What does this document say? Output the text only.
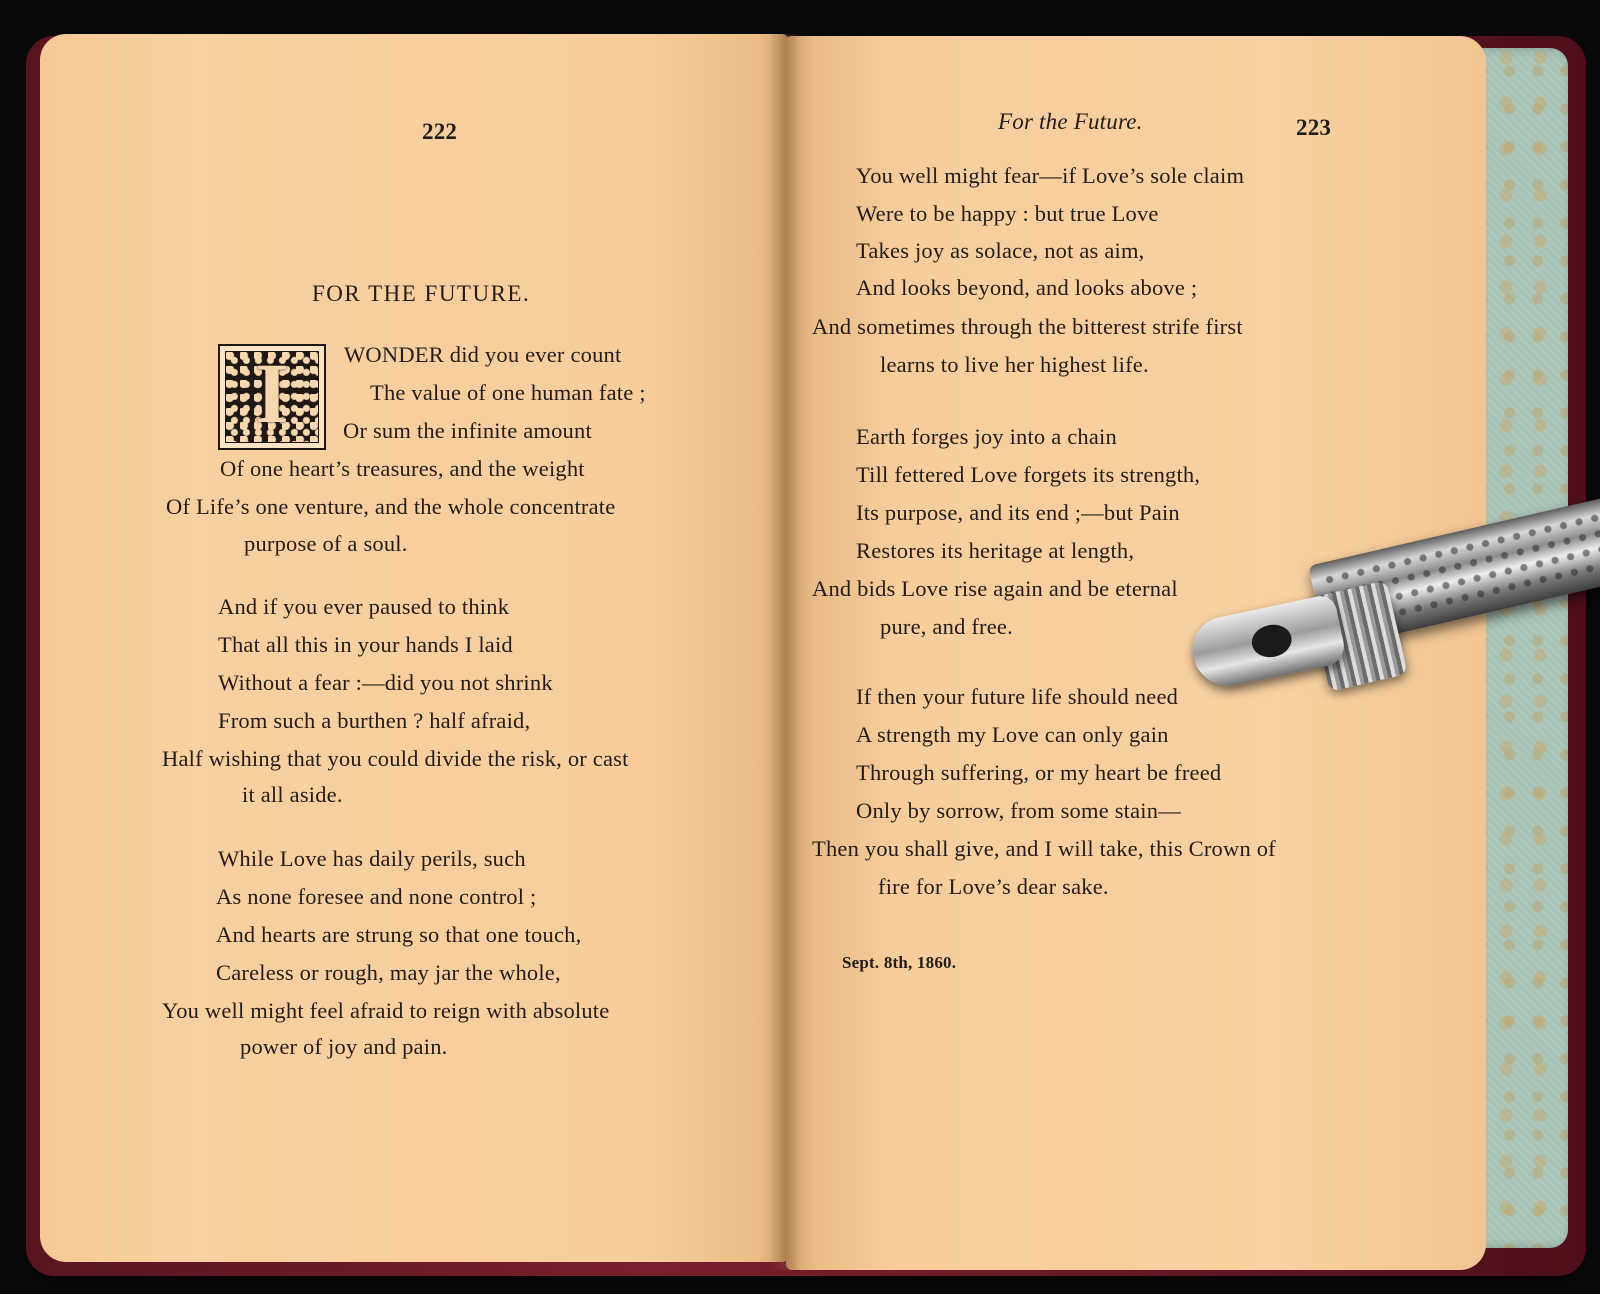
222
FOR THE FUTURE.
I	WONDER did you ever count
The value of one human fate ;
Or sum the infinite amount
Of one heart’s treasures, and the weight
Of Life’s one venture, and the whole concentrate
purpose of a soul.
And if you ever paused to think
That all this in your hands I laid
Without a fear :—did you not shrink
From such a burthen ? half afraid,
Half wishing that you could divide the risk, or cast
it all aside.
While Love has daily perils, such
As none foresee and none control ;
And hearts are strung so that one touch,
Careless or rough, may jar the whole,
You well might feel afraid to reign with absolute
power of joy and pain.
For the Future.	223
You well might fear—if Love’s sole claim
Were to be happy : but true Love
Takes joy as solace, not as aim,
And looks beyond, and looks above ;
And sometimes through the bitterest strife first
learns to live her highest life.
Earth forges joy into a chain
Till fettered Love forgets its strength,
Its purpose, and its end ;—but Pain
Restores its heritage at length,
And bids Love rise again and be eternal
pure, and free.
If then your future life should need
A strength my Love can only gain
Through suffering, or my heart be freed
Only by sorrow, from some stain—
Then you shall give, and I will take, this Crown of
fire for Love’s dear sake.
Sept. 8th, 1860.
